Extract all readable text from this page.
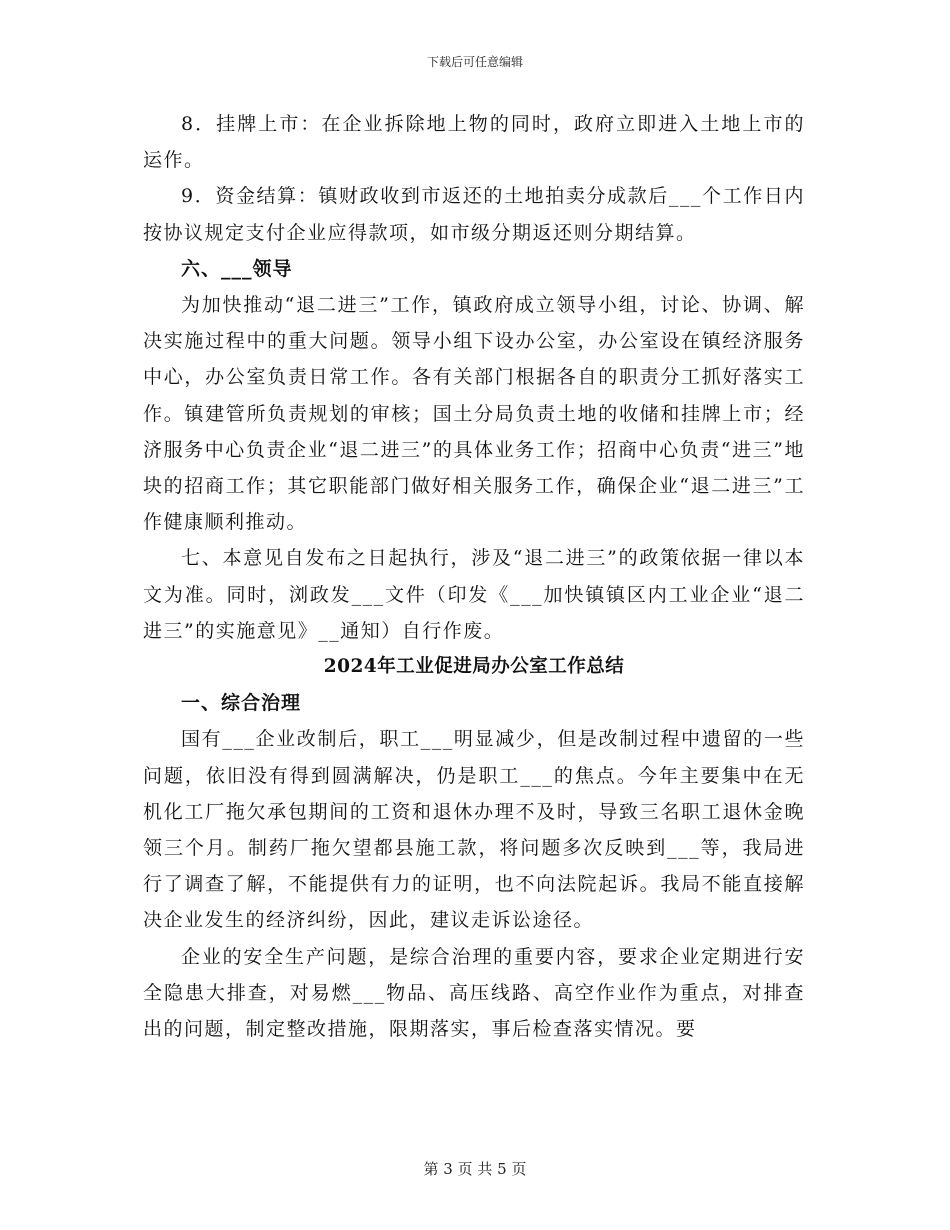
下载后可任意编辑

8．挂牌上市：在企业拆除地上物的同时，政府立即进入土地上市的运作。

9．资金结算：镇财政收到市返还的土地拍卖分成款后___个工作日内按协议规定支付企业应得款项，如市级分期返还则分期结算。

六、___领导

为加快推动“退二进三”工作，镇政府成立领导小组，讨论、协调、解决实施过程中的重大问题。领导小组下设办公室，办公室设在镇经济服务中心，办公室负责日常工作。各有关部门根据各自的职责分工抓好落实工作。镇建管所负责规划的审核；国土分局负责土地的收储和挂牌上市；经济服务中心负责企业“退二进三”的具体业务工作；招商中心负责“进三”地块的招商工作；其它职能部门做好相关服务工作，确保企业“退二进三”工作健康顺利推动。

七、本意见自发布之日起执行，涉及“退二进三”的政策依据一律以本文为准。同时，浏政发___文件（印发《___加快镇镇区内工业企业“退二进三”的实施意见》__通知）自行作废。

2024年工业促进局办公室工作总结

一、综合治理

国有___企业改制后，职工___明显减少，但是改制过程中遗留的一些问题，依旧没有得到圆满解决，仍是职工___的焦点。今年主要集中在无机化工厂拖欠承包期间的工资和退休办理不及时，导致三名职工退休金晚领三个月。制药厂拖欠望都县施工款，将问题多次反映到___等，我局进行了调查了解，不能提供有力的证明，也不向法院起诉。我局不能直接解决企业发生的经济纠纷，因此，建议走诉讼途径。

企业的安全生产问题，是综合治理的重要内容，要求企业定期进行安全隐患大排查，对易燃___物品、高压线路、高空作业作为重点，对排查出的问题，制定整改措施，限期落实，事后检查落实情况。要

第 3 页 共 5 页
